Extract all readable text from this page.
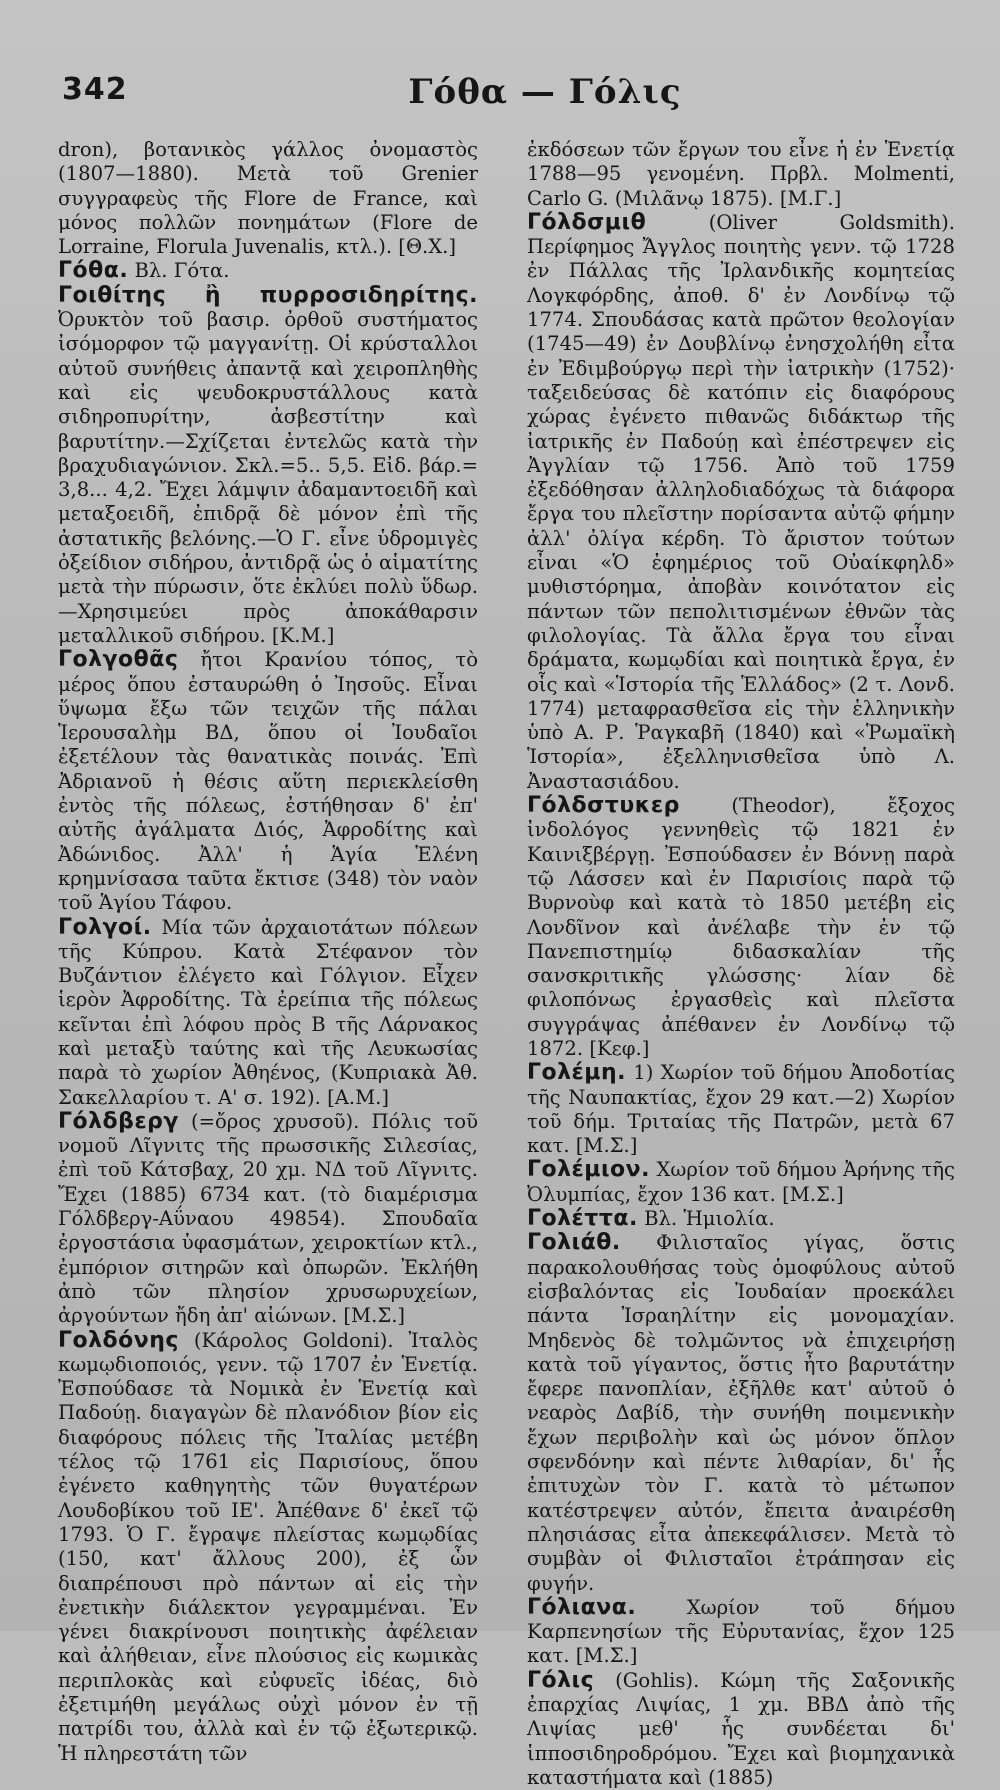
342	Γόθα — Γόλις

dron), βοτανικὸς γάλλος ὀνομαστὸς (1807—1880). Μετὰ τοῦ Grenier συγγραφεὺς τῆς Flore de France, καὶ μόνος πολλῶν πονημάτων (Flore de Lorraine, Florula Juvenalis, κτλ.). [Θ.Χ.]

Γόθα. Βλ. Γότα.

Γοιθίτης ἢ πυρροσιδηρίτης. Ὀρυκτὸν τοῦ βασιρ. ὀρθοῦ συστήματος ἰσόμορφον τῷ μαγγανίτῃ. Οἱ κρύσταλλοι αὐτοῦ συνήθεις ἀπαντᾷ καὶ χειροπληθὴς καὶ εἰς ψευδοκρυστάλλους κατὰ σιδηροπυρίτην, ἀσβεστίτην καὶ βαρυτίτην.—Σχίζεται ἐντελῶς κατὰ τὴν βραχυδιαγώνιον. Σκλ.=5.. 5,5. Εἰδ. βάρ.= 3,8... 4,2. Ἔχει λάμψιν ἀδαμαντοειδῆ καὶ μεταξοειδῆ, ἐπιδρᾷ δὲ μόνον ἐπὶ τῆς ἀστατικῆς βελόνης.—Ὁ Γ. εἶνε ὑδρομιγὲς ὀξείδιον σιδήρου, ἀντιδρᾷ ὡς ὁ αἱματίτης μετὰ τὴν πύρωσιν, ὅτε ἐκλύει πολὺ ὕδωρ.—Χρησιμεύει πρὸς ἀποκάθαρσιν μεταλλικοῦ σιδήρου. [Κ.Μ.]

Γολγοθᾶς ἤτοι Κρανίου τόπος, τὸ μέρος ὅπου ἐσταυρώθη ὁ Ἰησοῦς. Εἶναι ὕψωμα ἔξω τῶν τειχῶν τῆς πάλαι Ἱερουσαλὴμ ΒΔ, ὅπου οἱ Ἰουδαῖοι ἐξετέλουν τὰς θανατικὰς ποινάς. Ἐπὶ Ἀδριανοῦ ἡ θέσις αὕτη περιεκλείσθη ἐντὸς τῆς πόλεως, ἐστήθησαν δ' ἐπ' αὐτῆς ἀγάλματα Διός, Ἀφροδίτης καὶ Ἀδώνιδος. Ἀλλ' ἡ Ἁγία Ἑλένη κρημνίσασα ταῦτα ἔκτισε (348) τὸν ναὸν τοῦ Ἁγίου Τάφου.

Γολγοί. Μία τῶν ἀρχαιοτάτων πόλεων τῆς Κύπρου. Κατὰ Στέφανον τὸν Βυζάντιον ἐλέγετο καὶ Γόλγιον. Εἶχεν ἱερὸν Ἀφροδίτης. Τὰ ἐρείπια τῆς πόλεως κεῖνται ἐπὶ λόφου πρὸς Β τῆς Λάρνακος καὶ μεταξὺ ταύτης καὶ τῆς Λευκωσίας παρὰ τὸ χωρίον Ἀθηένος, (Κυπριακὰ Ἀθ. Σακελλαρίου τ. Α' σ. 192). [Α.Μ.]

Γόλδβεργ (=ὄρος χρυσοῦ). Πόλις τοῦ νομοῦ Λῖγνιτς τῆς πρωσσικῆς Σιλεσίας, ἐπὶ τοῦ Κάτσβαχ, 20 χμ. ΝΔ τοῦ Λῖγνιτς. Ἔχει (1885) 6734 κατ. (τὸ διαμέρισμα Γόλδβεργ-Αΰναου 49854). Σπουδαῖα ἐργοστάσια ὑφασμάτων, χειροκτίων κτλ., ἐμπόριον σιτηρῶν καὶ ὀπωρῶν. Ἐκλήθη ἀπὸ τῶν πλησίον χρυσωρυχείων, ἀργούντων ἤδη ἀπ' αἰώνων. [Μ.Σ.]

Γολδόνης (Κάρολος Goldoni). Ἰταλὸς κωμῳδιοποιός, γενν. τῷ 1707 ἐν Ἑνετίᾳ. Ἐσπούδασε τὰ Νομικὰ ἐν Ἑνετίᾳ καὶ Παδούῃ. διαγαγὼν δὲ πλανόδιον βίον εἰς διαφόρους πόλεις τῆς Ἰταλίας μετέβη τέλος τῷ 1761 εἰς Παρισίους, ὅπου ἐγένετο καθηγητὴς τῶν θυγατέρων Λουδοβίκου τοῦ ΙΕ'. Ἀπέθανε δ' ἐκεῖ τῷ 1793. Ὁ Γ. ἔγραψε πλείστας κωμῳδίας (150, κατ' ἄλλους 200), ἐξ ὧν διαπρέπουσι πρὸ πάντων αἱ εἰς τὴν ἐνετικὴν διάλεκτον γεγραμμέναι. Ἐν γένει διακρίνουσι ποιητικὴς ἀφέλειαν καὶ ἀλήθειαν, εἶνε πλούσιος εἰς κωμικὰς περιπλοκὰς καὶ εὐφυεῖς ἰδέας, διὸ ἐξετιμήθη μεγάλως οὐχὶ μόνον ἐν τῇ πατρίδι του, ἀλλὰ καὶ ἐν τῷ ἐξωτερικῷ. Ἡ πληρεστάτη τῶν

ἐκδόσεων τῶν ἔργων του εἶνε ἡ ἐν Ἑνετίᾳ 1788—95 γενομένη. Πρβλ. Molmenti, Carlo G. (Μιλᾶνῳ 1875). [Μ.Γ.]

Γόλδσμιθ	(Oliver Goldsmith). Περίφημος Ἄγγλος ποιητὴς γενν. τῷ 1728 ἐν Πάλλας τῆς Ἰρλανδικῆς κομητείας Λογκφόρδης, ἀποθ. δ' ἐν Λονδίνῳ τῷ 1774. Σπουδάσας κατὰ πρῶτον θεολογίαν (1745—49) ἐν Δουβλίνῳ ἐνησχολήθη εἶτα ἐν Ἐδιμβούργῳ περὶ τὴν ἰατρικὴν (1752)· ταξειδεύσας δὲ κατόπιν εἰς διαφόρους χώρας ἐγένετο πιθανῶς διδάκτωρ τῆς ἰατρικῆς ἐν Παδούῃ καὶ ἐπέστρεψεν εἰς Ἀγγλίαν τῷ 1756. Ἀπὸ τοῦ 1759 ἐξεδόθησαν ἀλληλοδιαδόχως τὰ διάφορα ἔργα του πλεῖστην πορίσαντα αὐτῷ φήμην ἀλλ' ὀλίγα κέρδη. Τὸ ἄριστον τούτων εἶναι «Ὁ ἐφημέριος τοῦ Οὐαίκφηλδ» μυθιστόρημα, ἀποβὰν κοινότατον εἰς πάντων τῶν πεπολιτισμένων ἐθνῶν τὰς φιλολογίας. Τὰ ἄλλα ἔργα του εἶναι δράματα, κωμῳδίαι καὶ ποιητικὰ ἔργα, ἐν οἷς καὶ «Ἱστορία τῆς Ἑλλάδος» (2 τ. Λονδ. 1774) μεταφρασθεῖσα εἰς τὴν ἑλληνικὴν ὑπὸ Α. Ρ. Ῥαγκαβῆ (1840) καὶ «Ῥωμαϊκὴ Ἱστορία», ἐξελληνισθεῖσα ὑπὸ Λ. Ἀναστασιάδου.

Γόλδστυκερ	(Theodor), ἔξοχος ἰνδολόγος γεννηθεὶς τῷ 1821 ἐν Καινιξβέργῃ. Ἐσπούδασεν ἐν Βόννῃ παρὰ τῷ Λάσσεν καὶ ἐν Παρισίοις παρὰ τῷ Βυρνοὺφ καὶ κατὰ τὸ 1850 μετέβη εἰς Λονδῖνον καὶ ἀνέλαβε τὴν ἐν τῷ Πανεπιστημίῳ διδασκαλίαν τῆς σανσκριτικῆς γλώσσης· λίαν δὲ φιλοπόνως ἐργασθεὶς καὶ πλεῖστα συγγράψας ἀπέθανεν ἐν Λονδίνῳ τῷ 1872. [Κεφ.]

Γολέμη. 1) Χωρίον τοῦ δήμου Ἀποδοτίας τῆς Ναυπακτίας, ἔχον 29 κατ.—2) Χωρίον τοῦ δήμ. Τριταίας τῆς Πατρῶν, μετὰ 67 κατ. [Μ.Σ.]

Γολέμιον. Χωρίον τοῦ δήμου Ἀρήνης τῆς Ὀλυμπίας, ἔχον 136 κατ. [Μ.Σ.]

Γολέττα. Βλ. Ἡμιολία.

Γολιάθ. Φιλισταῖος γίγας, ὅστις παρακολουθήσας τοὺς ὁμοφύλους αὐτοῦ εἰσβαλόντας εἰς Ἰουδαίαν προεκάλει πάντα Ἰσραηλίτην εἰς μονομαχίαν. Μηδενὸς δὲ τολμῶντος νὰ ἐπιχειρήσῃ κατὰ τοῦ γίγαντος, ὅστις ἦτο βαρυτάτην ἔφερε πανοπλίαν, ἐξῆλθε κατ' αὐτοῦ ὁ νεαρὸς Δαβίδ, τὴν συνήθη ποιμενικὴν ἔχων περιβολὴν καὶ ὡς μόνον ὅπλον σφενδόνην καὶ πέντε λιθαρίαν, δι' ἧς ἐπιτυχὼν τὸν Γ. κατὰ τὸ μέτωπον κατέστρεψεν αὐτόν, ἔπειτα ἀναιρέσθη πλησιάσας εἶτα ἀπεκεφάλισεν. Μετὰ τὸ συμβὰν οἱ Φιλισταῖοι ἐτράπησαν εἰς φυγήν.

Γόλιανα.	Χωρίον τοῦ δήμου Καρπενησίων τῆς Εὐρυτανίας, ἔχον 125 κατ. [Μ.Σ.]

Γόλις (Gohlis). Κώμη τῆς Σαξονικῆς ἐπαρχίας Λιψίας, 1 χμ. ΒΒΔ ἀπὸ τῆς Λιψίας μεθ' ἧς συνδέεται δι' ἱπποσιδηροδρόμου. Ἔχει καὶ βιομηχανικὰ καταστήματα καὶ (1885)
